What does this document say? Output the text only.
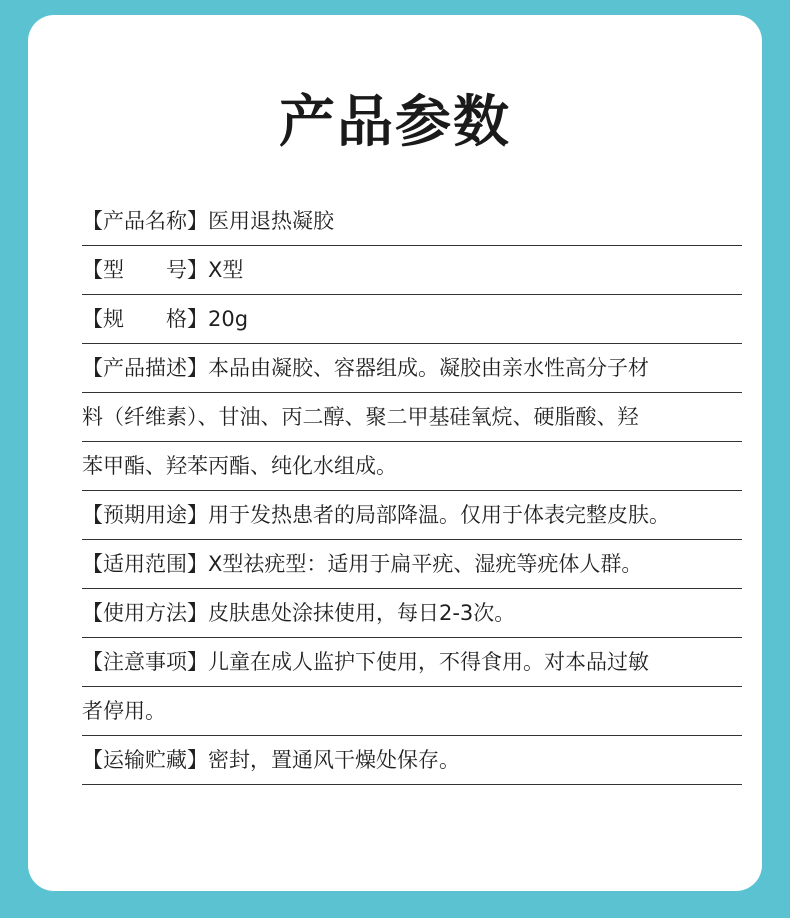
产品参数
【产品名称】医用退热凝胶
【型　　号】X型
【规　　格】20g
【产品描述】本品由凝胶、容器组成。凝胶由亲水性高分子材
料（纤维素）、甘油、丙二醇、聚二甲基硅氧烷、硬脂酸、羟
苯甲酯、羟苯丙酯、纯化水组成。
【预期用途】用于发热患者的局部降温。仅用于体表完整皮肤。
【适用范围】X型祛疣型：适用于扁平疣、湿疣等疣体人群。
【使用方法】皮肤患处涂抹使用，每日2-3次。
【注意事项】儿童在成人监护下使用，不得食用。对本品过敏
者停用。
【运输贮藏】密封，置通风干燥处保存。
